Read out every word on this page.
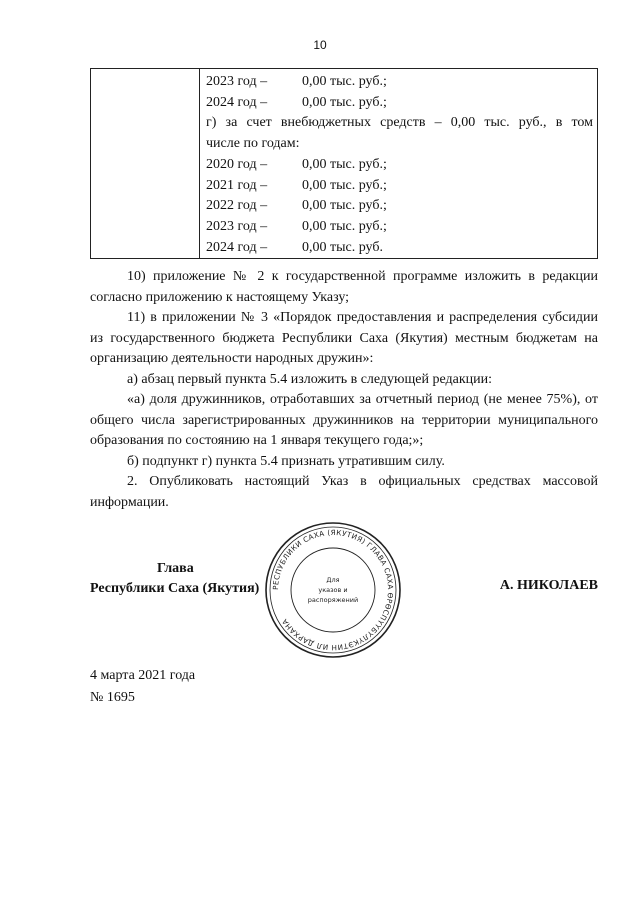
10

2023 год – 0,00 тыс. руб.;
2024 год – 0,00 тыс. руб.;
г) за счет внебюджетных средств – 0,00 тыс. руб., в том
числе по годам:
2020 год – 0,00 тыс. руб.;
2021 год – 0,00 тыс. руб.;
2022 год – 0,00 тыс. руб.;
2023 год – 0,00 тыс. руб.;
2024 год – 0,00 тыс. руб.

10) приложение № 2 к государственной программе изложить в редакции согласно приложению к настоящему Указу;

11) в приложении № 3 «Порядок предоставления и распределения субсидии из государственного бюджета Республики Саха (Якутия) местным бюджетам на организацию деятельности народных дружин»:

а) абзац первый пункта 5.4 изложить в следующей редакции:

«а) доля дружинников, отработавших за отчетный период (не менее 75%), от общего числа зарегистрированных дружинников на территории муниципального образования по состоянию на 1 января текущего года;»;

б) подпункт г) пункта 5.4 признать утратившим силу.

2. Опубликовать настоящий Указ в официальных средствах массовой информации.

Глава
Республики Саха (Якутия) РЕСПУБЛИКИ САХА (ЯКУТИЯ) ГЛАВА САХА ӨРӨСПҮҮБҮЛҮКЭТИН ИЛ ДАРХАНА
Для
указов и
распоряжений
А. НИКОЛАЕВ
4 марта 2021 года
№ 1695
